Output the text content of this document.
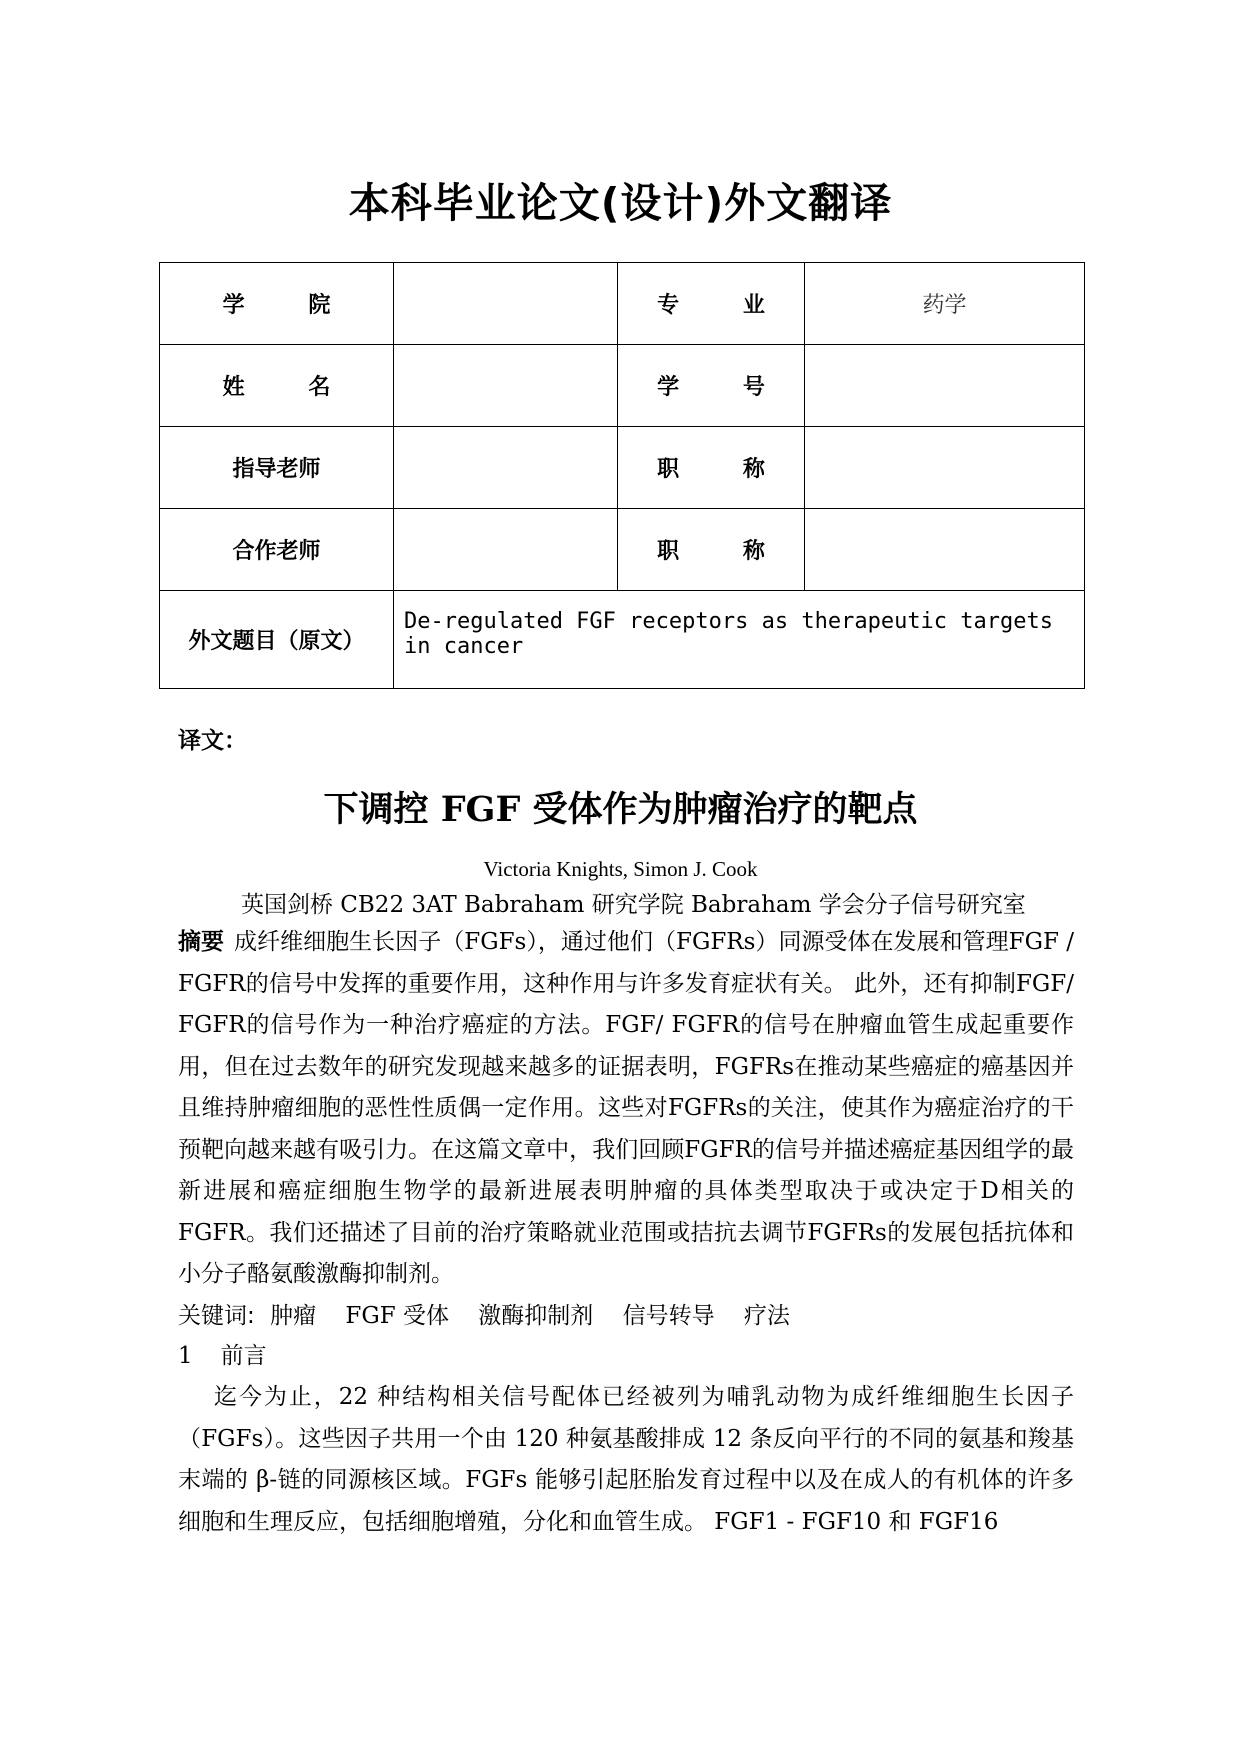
本科毕业论文(设计)外文翻译
学 院		专 业	药学
姓 名		学 号	
指导老师		职 称	
合作老师		职 称	
外文题目（原文）	De-regulated FGF receptors as therapeutic targets in cancer		
译文：
下调控 FGF 受体作为肿瘤治疗的靶点
Victoria Knights, Simon J. Cook
英国剑桥 CB22 3AT Babraham 研究学院 Babraham 学会分子信号研究室
摘要 成纤维细胞生长因子（FGFs），通过他们（FGFRs）同源受体在发展和管理FGF / FGFR的信号中发挥的重要作用，这种作用与许多发育症状有关。 此外，还有抑制FGF/ FGFR的信号作为一种治疗癌症的方法。FGF/ FGFR的信号在肿瘤血管生成起重要作用，但在过去数年的研究发现越来越多的证据表明，FGFRs在推动某些癌症的癌基因并且维持肿瘤细胞的恶性性质偶一定作用。这些对FGFRs的关注，使其作为癌症治疗的干预靶向越来越有吸引力。在这篇文章中，我们回顾FGFR的信号并描述癌症基因组学的最新进展和癌症细胞生物学的最新进展表明肿瘤的具体类型取决于或决定于D相关的FGFR。我们还描述了目前的治疗策略就业范围或拮抗去调节FGFRs的发展包括抗体和小分子酪氨酸激酶抑制剂。
关键词: 肿瘤 FGF 受体 激酶抑制剂 信号转导 疗法
1 前言
迄今为止，22 种结构相关信号配体已经被列为哺乳动物为成纤维细胞生长因子（FGFs）。这些因子共用一个由 120 种氨基酸排成 12 条反向平行的不同的氨基和羧基末端的 β-链的同源核区域。FGFs 能够引起胚胎发育过程中以及在成人的有机体的许多细胞和生理反应，包括细胞增殖，分化和血管生成。 FGF1 - FGF10 和 FGF16
